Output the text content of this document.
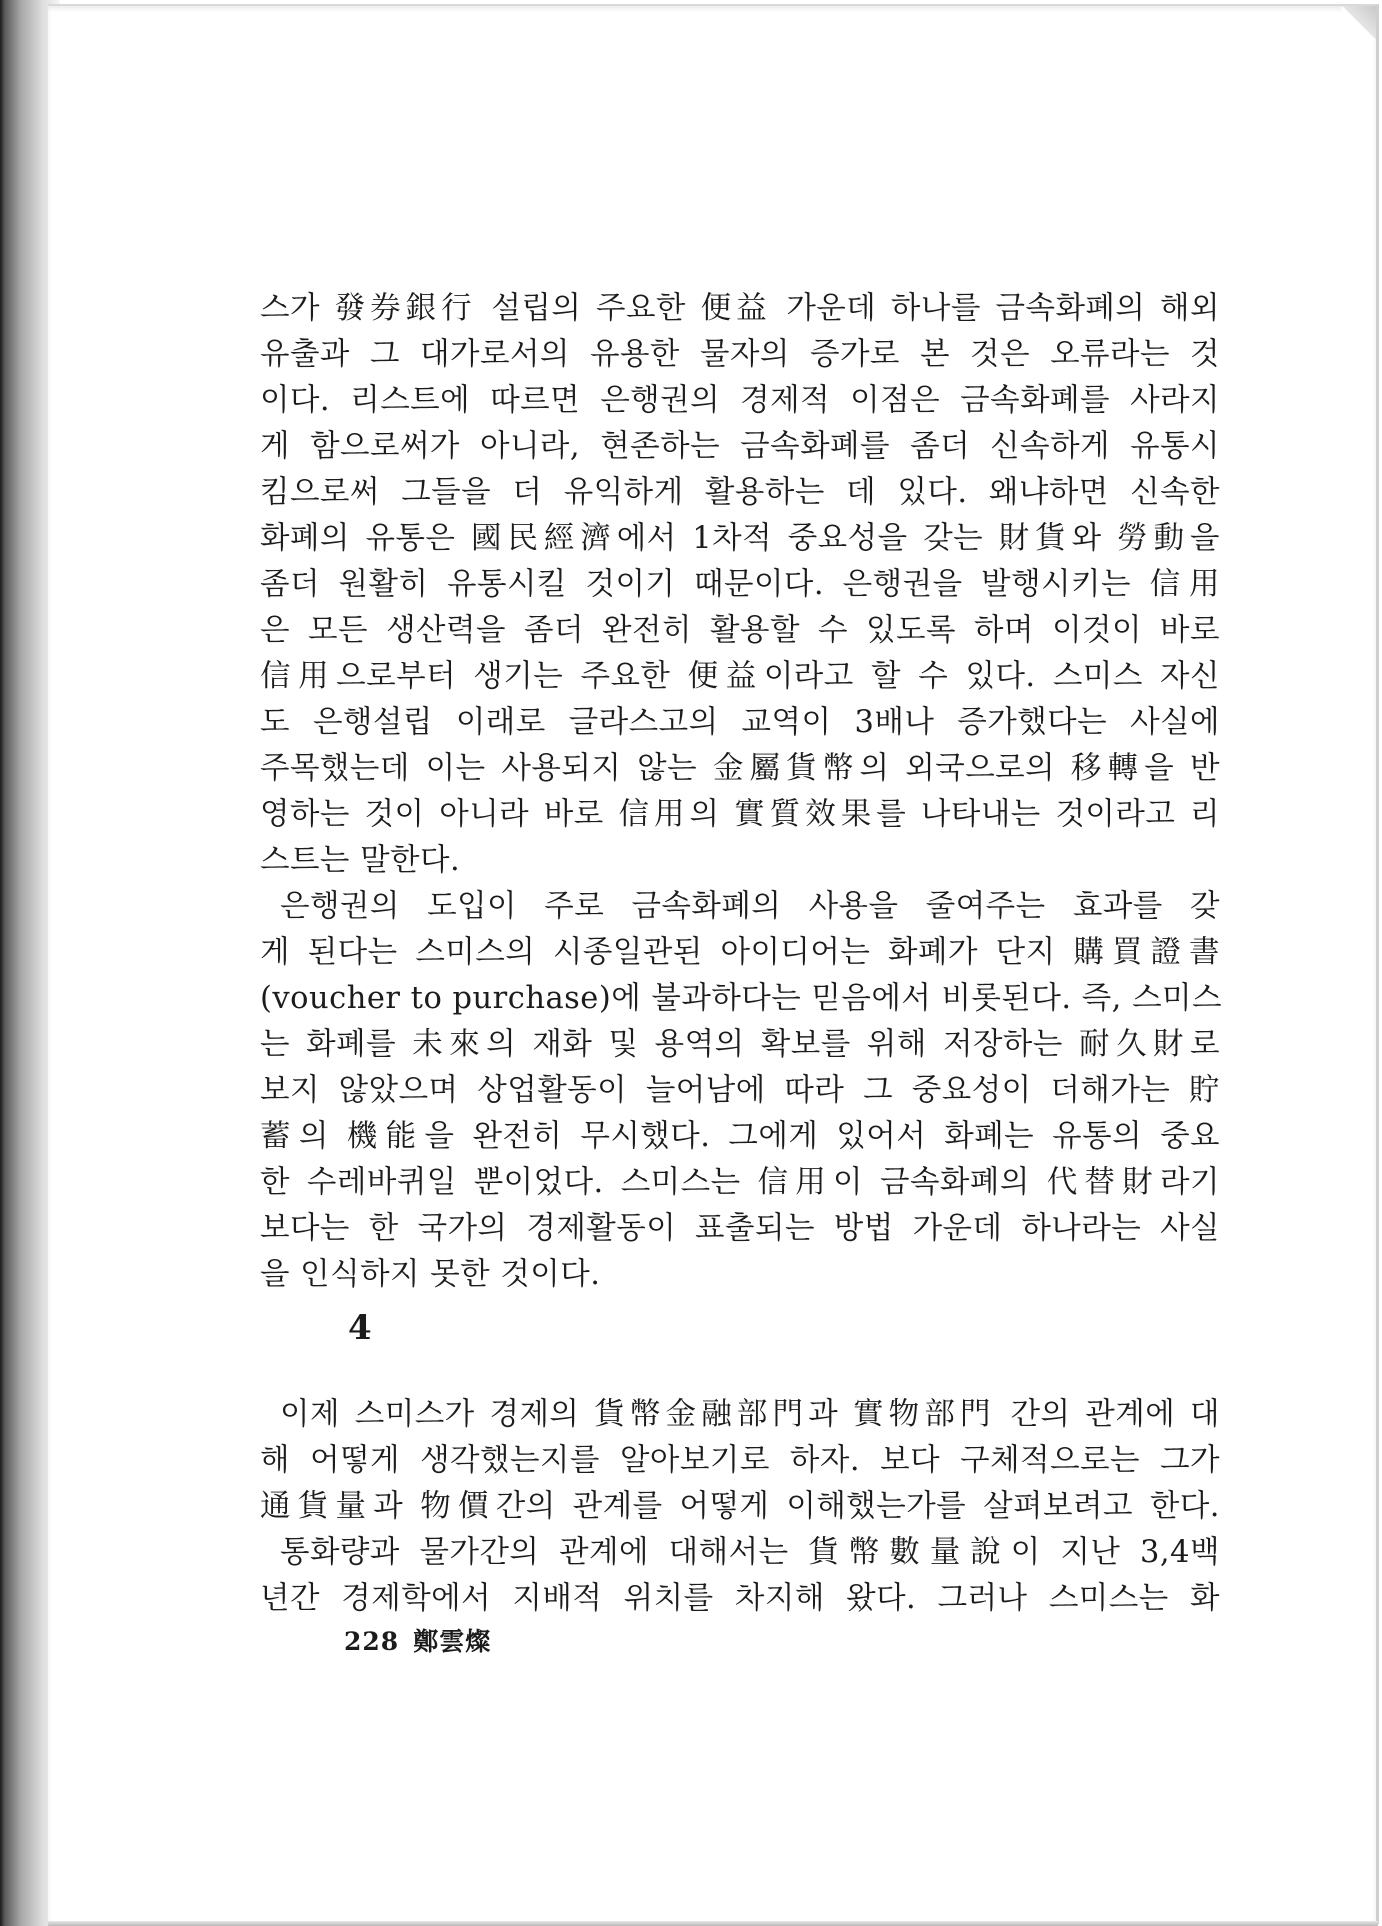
스가 發券銀行 설립의 주요한 便益 가운데 하나를 금속화폐의 해외
유출과 그 대가로서의 유용한 물자의 증가로 본 것은 오류라는 것
이다. 리스트에 따르면 은행권의 경제적 이점은 금속화폐를 사라지
게 함으로써가 아니라, 현존하는 금속화폐를 좀더 신속하게 유통시
킴으로써 그들을 더 유익하게 활용하는 데 있다. 왜냐하면 신속한
화폐의 유통은 國民經濟에서 1차적 중요성을 갖는 財貨와 勞動을
좀더 원활히 유통시킬 것이기 때문이다. 은행권을 발행시키는 信用
은 모든 생산력을 좀더 완전히 활용할 수 있도록 하며 이것이 바로
信用으로부터 생기는 주요한 便益이라고 할 수 있다. 스미스 자신
도 은행설립 이래로 글라스고의 교역이 3배나 증가했다는 사실에
주목했는데 이는 사용되지 않는 金屬貨幣의 외국으로의 移轉을 반
영하는 것이 아니라 바로 信用의 實質效果를 나타내는 것이라고 리
스트는 말한다.
은행권의 도입이 주로 금속화폐의 사용을 줄여주는 효과를 갖
게 된다는 스미스의 시종일관된 아이디어는 화폐가 단지 購買證書
(voucher to purchase)에 불과하다는 믿음에서 비롯된다. 즉, 스미스
는 화폐를 未來의 재화 및 용역의 확보를 위해 저장하는 耐久財로
보지 않았으며 상업활동이 늘어남에 따라 그 중요성이 더해가는 貯
蓄의 機能을 완전히 무시했다. 그에게 있어서 화폐는 유통의 중요
한 수레바퀴일 뿐이었다. 스미스는 信用이 금속화폐의 代替財라기
보다는 한 국가의 경제활동이 표출되는 방법 가운데 하나라는 사실
을 인식하지 못한 것이다.
4
이제 스미스가 경제의 貨幣金融部門과 實物部門 간의 관계에 대
해 어떻게 생각했는지를 알아보기로 하자. 보다 구체적으로는 그가
通貨量과 物價간의 관계를 어떻게 이해했는가를 살펴보려고 한다.
통화량과 물가간의 관계에 대해서는 貨幣數量說이 지난 3,4백
년간 경제학에서 지배적 위치를 차지해 왔다. 그러나 스미스는 화
228 鄭雲燦
